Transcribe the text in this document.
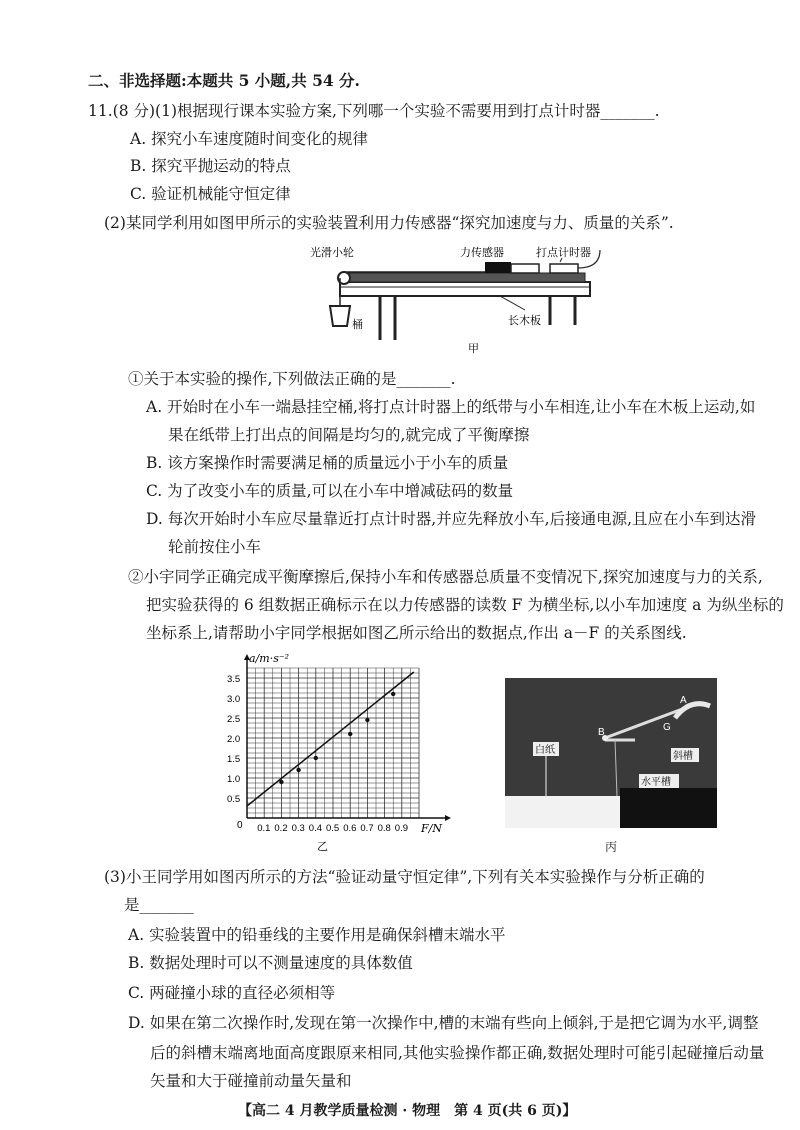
二、非选择题:本题共 5 小题,共 54 分.
11.(8 分)(1)根据现行课本实验方案,下列哪一个实验不需要用到打点计时器_______.
A. 探究小车速度随时间变化的规律
B. 探究平抛运动的特点
C. 验证机械能守恒定律
(2)某同学利用如图甲所示的实验装置利用力传感器“探究加速度与力、质量的关系”.
光滑小轮	力传感器	打点计时器
桶	长木板
甲
①关于本实验的操作,下列做法正确的是_______.
A. 开始时在小车一端悬挂空桶,将打点计时器上的纸带与小车相连,让小车在木板上运动,如
果在纸带上打出点的间隔是均匀的,就完成了平衡摩擦
B. 该方案操作时需要满足桶的质量远小于小车的质量
C. 为了改变小车的质量,可以在小车中增减砝码的数量
D. 每次开始时小车应尽量靠近打点计时器,并应先释放小车,后接通电源,且应在小车到达滑
轮前按住小车
②小宇同学正确完成平衡摩擦后,保持小车和传感器总质量不变情况下,探究加速度与力的关系,
把实验获得的 6 组数据正确标示在以力传感器的读数 F 为横坐标,以小车加速度 a 为纵坐标的
坐标系上,请帮助小宇同学根据如图乙所示给出的数据点,作出 a－F 的关系图线.
a/m·s⁻²
F/N
0
乙
0.1 0.2 0.3 0.4 0.5 0.6 0.7 0.8 0.9
0.5
1.0
1.5
2.0
2.5
3.0
3.5
A
B	G
斜槽
水平槽
白纸
丙
(3)小王同学用如图丙所示的方法“验证动量守恒定律”,下列有关本实验操作与分析正确的
是_______
A. 实验装置中的铅垂线的主要作用是确保斜槽末端水平
B. 数据处理时可以不测量速度的具体数值
C. 两碰撞小球的直径必须相等
D. 如果在第二次操作时,发现在第一次操作中,槽的末端有些向上倾斜,于是把它调为水平,调整
后的斜槽末端离地面高度跟原来相同,其他实验操作都正确,数据处理时可能引起碰撞后动量
矢量和大于碰撞前动量矢量和
【高二 4 月教学质量检测 · 物理　第 4 页(共 6 页)】
